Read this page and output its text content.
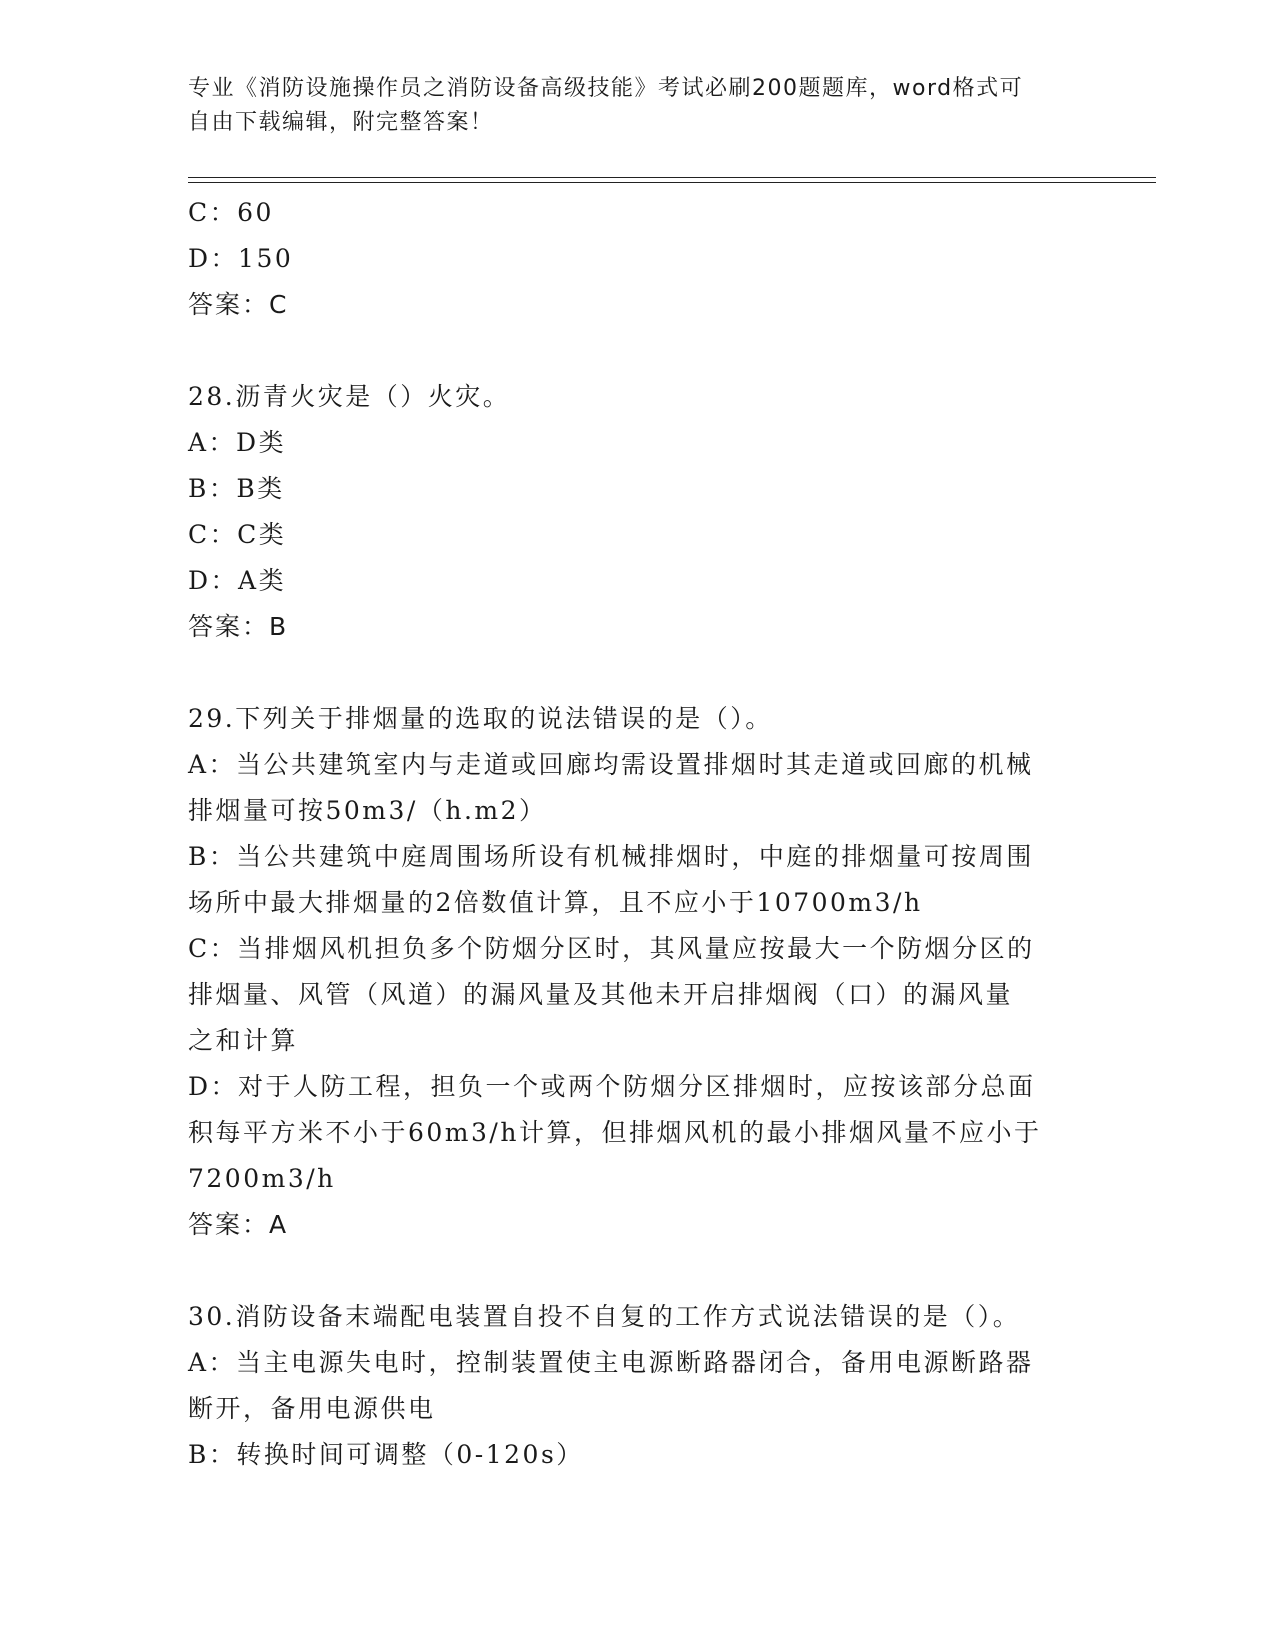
专业《消防设施操作员之消防设备高级技能》考试必刷200题题库，word格式可
自由下载编辑，附完整答案！

C：60

D：150

答案：C

28.沥青火灾是（）火灾。

A：D类

B：B类

C：C类

D：A类

答案：B

29.下列关于排烟量的选取的说法错误的是（）。

A：当公共建筑室内与走道或回廊均需设置排烟时其走道或回廊的机械

排烟量可按50m3/（h.m2）

B：当公共建筑中庭周围场所设有机械排烟时，中庭的排烟量可按周围

场所中最大排烟量的2倍数值计算，且不应小于10700m3/h

C：当排烟风机担负多个防烟分区时，其风量应按最大一个防烟分区的

排烟量、风管（风道）的漏风量及其他未开启排烟阀（口）的漏风量

之和计算

D：对于人防工程，担负一个或两个防烟分区排烟时，应按该部分总面

积每平方米不小于60m3/h计算，但排烟风机的最小排烟风量不应小于

7200m3/h

答案：A

30.消防设备末端配电装置自投不自复的工作方式说法错误的是（）。

A：当主电源失电时，控制装置使主电源断路器闭合，备用电源断路器

断开，备用电源供电

B：转换时间可调整（0-120s）
